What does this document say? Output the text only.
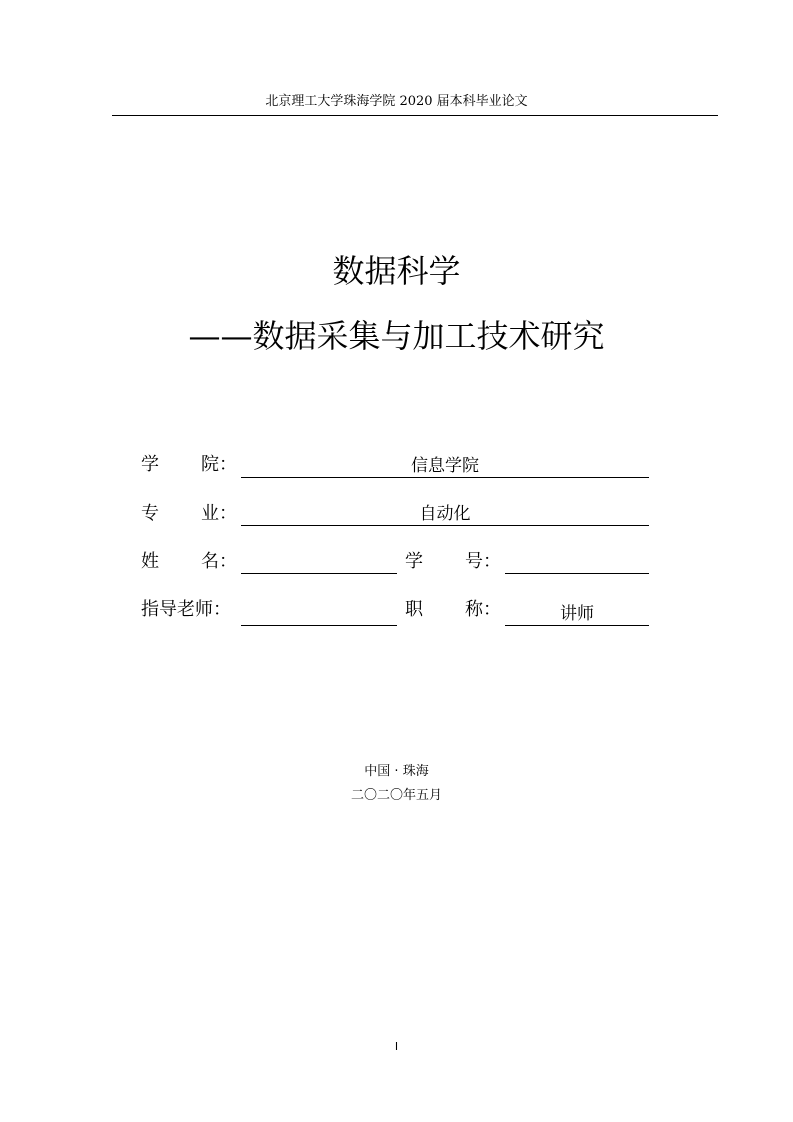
北京理工大学珠海学院 2020 届本科毕业论文
数据科学
——数据采集与加工技术研究
学 院：	信息学院
专 业：	自动化
姓 名：	学 号：
指导老师：	职 称：	讲师
中国 · 珠海
二〇二〇年五月
I
